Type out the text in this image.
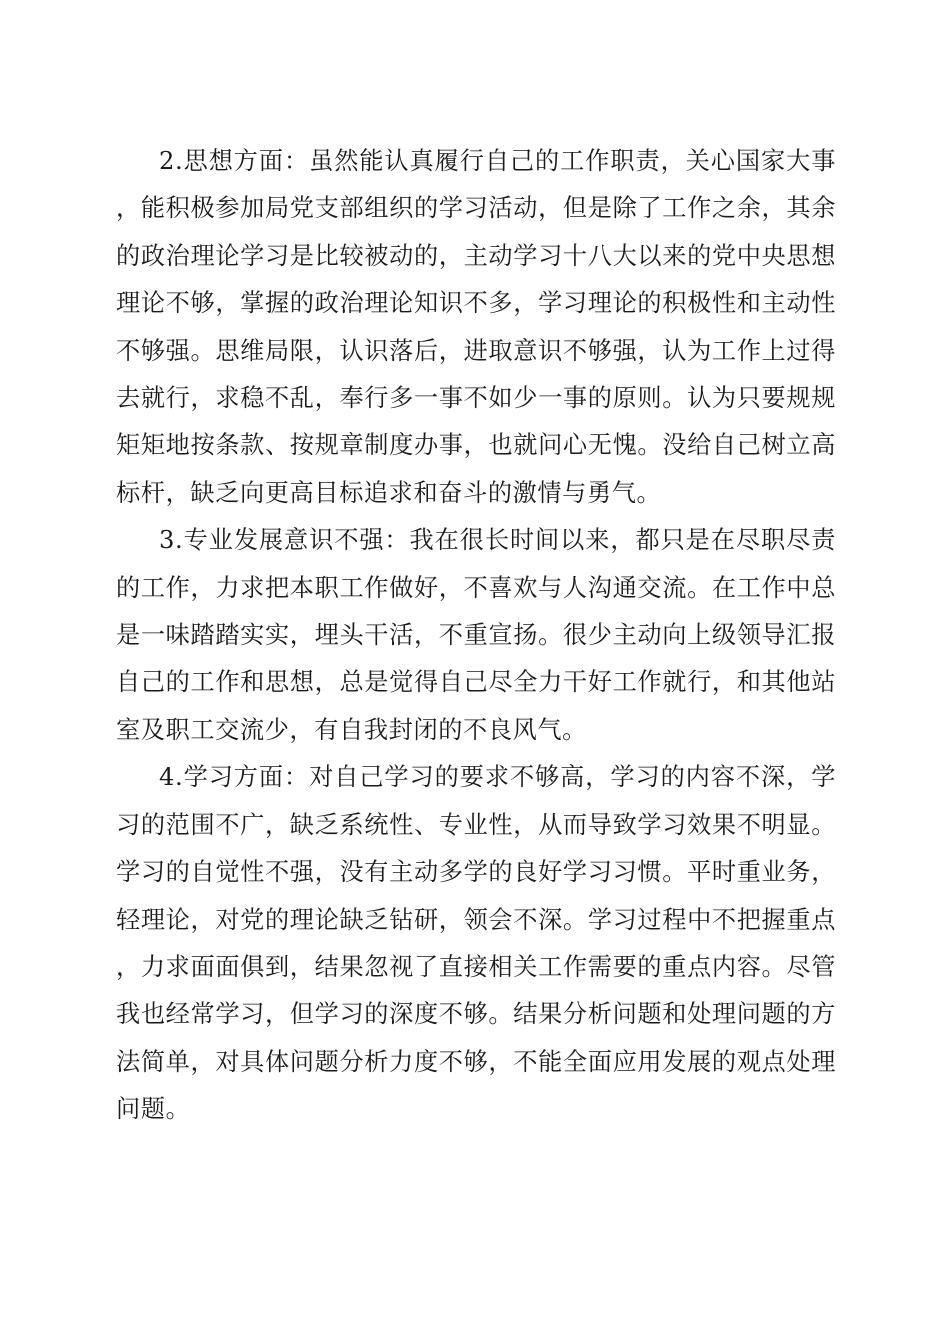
2.思想方面：虽然能认真履行自己的工作职责，关心国家大事，能积极参加局党支部组织的学习活动，但是除了工作之余，其余的政治理论学习是比较被动的，主动学习十八大以来的党中央思想理论不够，掌握的政治理论知识不多，学习理论的积极性和主动性不够强。思维局限，认识落后，进取意识不够强，认为工作上过得去就行，求稳不乱，奉行多一事不如少一事的原则。认为只要规规矩矩地按条款、按规章制度办事，也就问心无愧。没给自己树立高标杆，缺乏向更高目标追求和奋斗的激情与勇气。

3.专业发展意识不强：我在很长时间以来，都只是在尽职尽责的工作，力求把本职工作做好，不喜欢与人沟通交流。在工作中总是一味踏踏实实，埋头干活，不重宣扬。很少主动向上级领导汇报自己的工作和思想，总是觉得自己尽全力干好工作就行，和其他站室及职工交流少，有自我封闭的不良风气。

4.学习方面：对自己学习的要求不够高，学习的内容不深，学习的范围不广，缺乏系统性、专业性，从而导致学习效果不明显。学习的自觉性不强，没有主动多学的良好学习习惯。平时重业务，轻理论，对党的理论缺乏钻研，领会不深。学习过程中不把握重点，力求面面俱到，结果忽视了直接相关工作需要的重点内容。尽管我也经常学习，但学习的深度不够。结果分析问题和处理问题的方法简单，对具体问题分析力度不够，不能全面应用发展的观点处理问题。
